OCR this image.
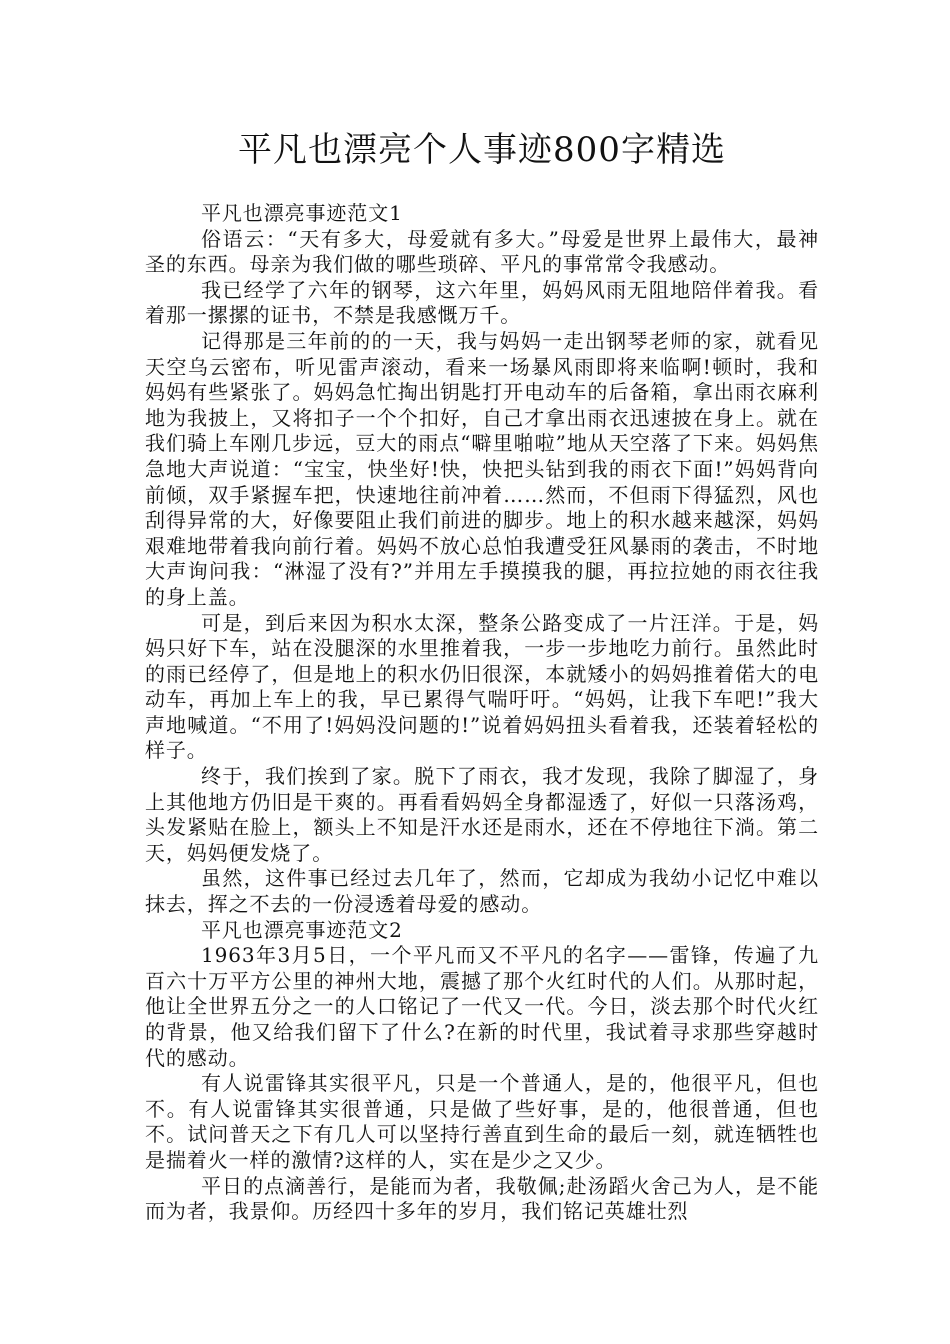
平凡也漂亮个人事迹800字精选

平凡也漂亮事迹范文1

俗语云：“天有多大，母爱就有多大。”母爱是世界上最伟大，最神圣的东西。母亲为我们做的哪些琐碎、平凡的事常常令我感动。

我已经学了六年的钢琴，这六年里，妈妈风雨无阻地陪伴着我。看着那一摞摞的证书，不禁是我感慨万千。

记得那是三年前的的一天，我与妈妈一走出钢琴老师的家，就看见天空乌云密布，听见雷声滚动，看来一场暴风雨即将来临啊!顿时，我和妈妈有些紧张了。妈妈急忙掏出钥匙打开电动车的后备箱，拿出雨衣麻利地为我披上，又将扣子一个个扣好，自己才拿出雨衣迅速披在身上。就在我们骑上车刚几步远，豆大的雨点“噼里啪啦”地从天空落了下来。妈妈焦急地大声说道：“宝宝，快坐好!快，快把头钻到我的雨衣下面!”妈妈背向前倾，双手紧握车把，快速地往前冲着……然而，不但雨下得猛烈，风也刮得异常的大，好像要阻止我们前进的脚步。地上的积水越来越深，妈妈艰难地带着我向前行着。妈妈不放心总怕我遭受狂风暴雨的袭击，不时地大声询问我：“淋湿了没有?”并用左手摸摸我的腿，再拉拉她的雨衣往我的身上盖。

可是，到后来因为积水太深，整条公路变成了一片汪洋。于是，妈妈只好下车，站在没腿深的水里推着我，一步一步地吃力前行。虽然此时的雨已经停了，但是地上的积水仍旧很深，本就矮小的妈妈推着偌大的电动车，再加上车上的我，早已累得气喘吁吁。“妈妈，让我下车吧!”我大声地喊道。“不用了!妈妈没问题的!”说着妈妈扭头看着我，还装着轻松的样子。

终于，我们挨到了家。脱下了雨衣，我才发现，我除了脚湿了，身上其他地方仍旧是干爽的。再看看妈妈全身都湿透了，好似一只落汤鸡，头发紧贴在脸上，额头上不知是汗水还是雨水，还在不停地往下淌。第二天，妈妈便发烧了。

虽然，这件事已经过去几年了，然而，它却成为我幼小记忆中难以抹去，挥之不去的一份浸透着母爱的感动。

平凡也漂亮事迹范文2

1963年3月5日，一个平凡而又不平凡的名字——雷锋，传遍了九百六十万平方公里的神州大地，震撼了那个火红时代的人们。从那时起，他让全世界五分之一的人口铭记了一代又一代。今日，淡去那个时代火红的背景，他又给我们留下了什么?在新的时代里，我试着寻求那些穿越时代的感动。

有人说雷锋其实很平凡，只是一个普通人，是的，他很平凡，但也不。有人说雷锋其实很普通，只是做了些好事，是的，他很普通，但也不。试问普天之下有几人可以坚持行善直到生命的最后一刻，就连牺牲也是揣着火一样的激情?这样的人，实在是少之又少。

平日的点滴善行，是能而为者，我敬佩;赴汤蹈火舍己为人，是不能而为者，我景仰。历经四十多年的岁月，我们铭记英雄壮烈
